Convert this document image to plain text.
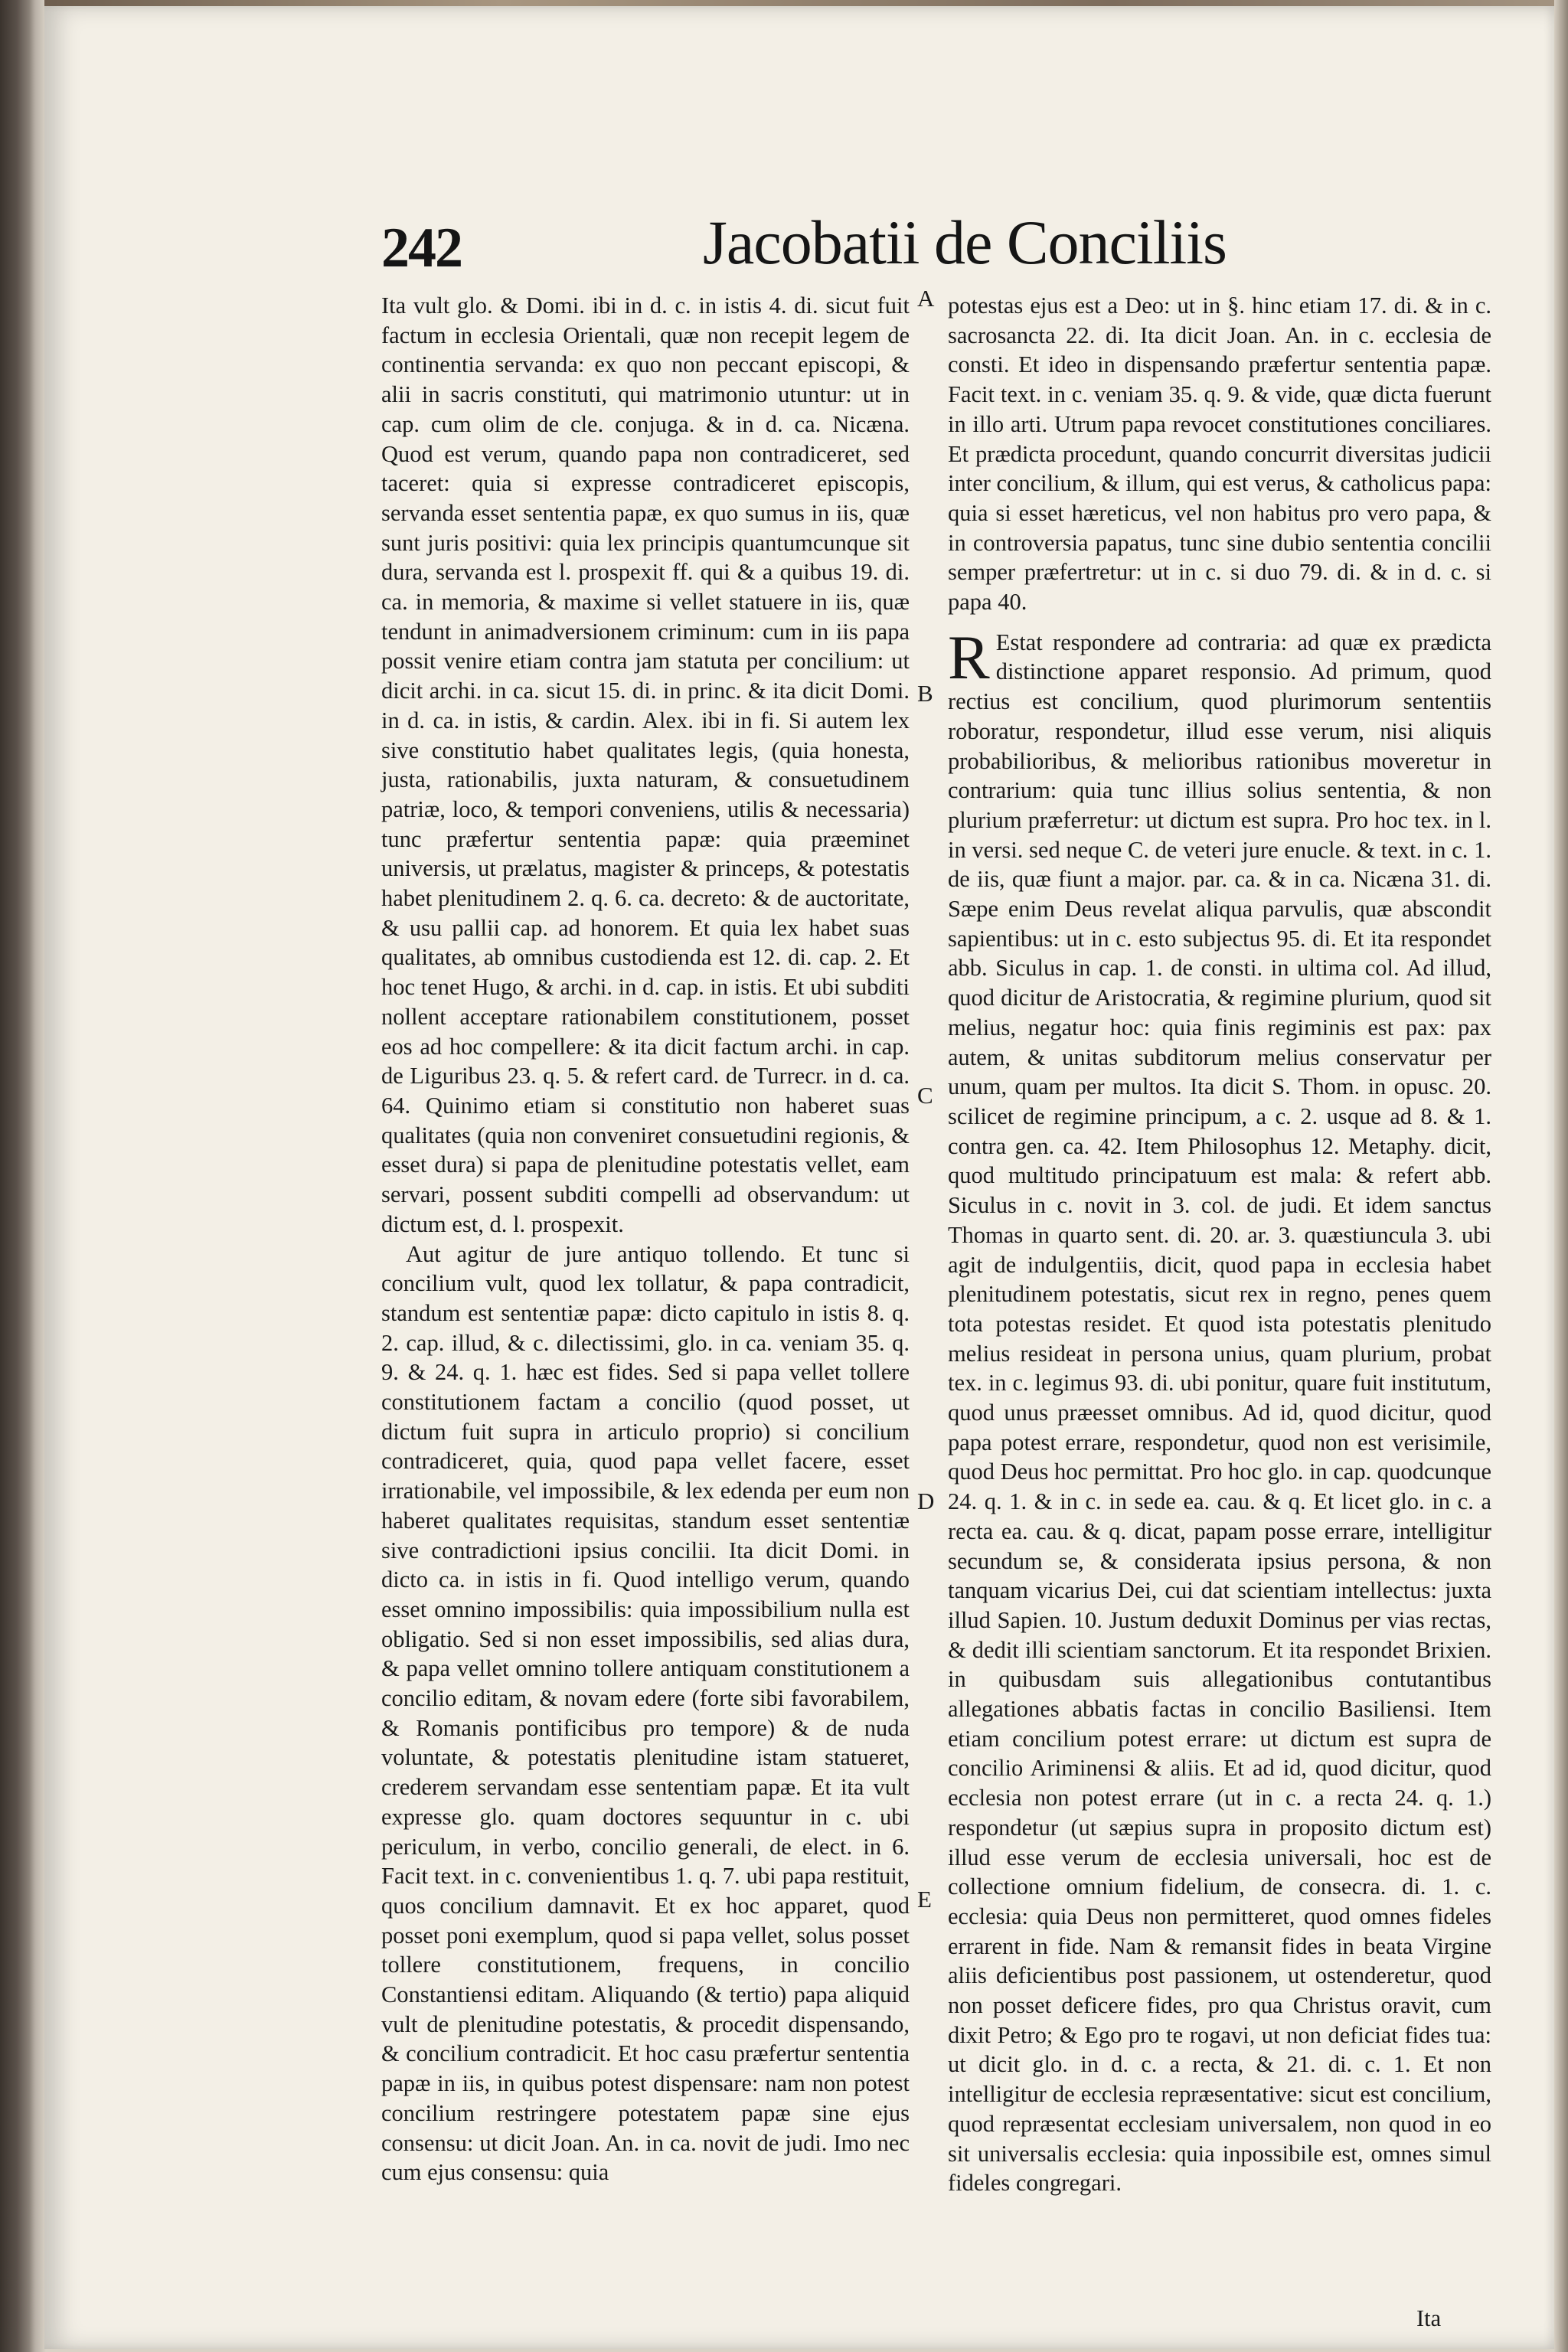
242	Jacobatii de Conciliis

Ita vult glo. & Domi. ibi in d. c. in istis 4. di. sicut fuit factum in ecclesia Orientali, quæ non recepit legem de continentia servanda: ex quo non peccant episcopi, & alii in sacris constituti, qui matrimonio utuntur: ut in cap. cum olim de cle. conjuga. & in d. ca. Nicæna. Quod est verum, quando papa non contradiceret, sed taceret: quia si expresse contradiceret episcopis, servanda esset sententia papæ, ex quo sumus in iis, quæ sunt juris positivi: quia lex principis quantumcunque sit dura, servanda est l. prospexit ff. qui & a quibus 19. di. ca. in memoria, & maxime si vellet statuere in iis, quæ tendunt in animadversionem criminum: cum in iis papa possit venire etiam contra jam statuta per concilium: ut dicit archi. in ca. sicut 15. di. in princ. & ita dicit Domi. in d. ca. in istis, & cardin. Alex. ibi in fi. Si autem lex sive constitutio habet qualitates legis, (quia honesta, justa, rationabilis, juxta naturam, & consuetudinem patriæ, loco, & tempori conveniens, utilis & necessaria) tunc præfertur sententia papæ: quia præeminet universis, ut prælatus, magister & princeps, & potestatis habet plenitudinem 2. q. 6. ca. decreto: & de auctoritate, & usu pallii cap. ad honorem. Et quia lex habet suas qualitates, ab omnibus custodienda est 12. di. cap. 2. Et hoc tenet Hugo, & archi. in d. cap. in istis. Et ubi subditi nollent acceptare rationabilem constitutionem, posset eos ad hoc compellere: & ita dicit factum archi. in cap. de Liguribus 23. q. 5. & refert card. de Turrecr. in d. ca. 64. Quinimo etiam si constitutio non haberet suas qualitates (quia non conveniret consuetudini regionis, & esset dura) si papa de plenitudine potestatis vellet, eam servari, possent subditi compelli ad observandum: ut dictum est, d. l. prospexit.

Aut agitur de jure antiquo tollendo. Et tunc si concilium vult, quod lex tollatur, & papa contradicit, standum est sententiæ papæ: dicto capitulo in istis 8. q. 2. cap. illud, & c. dilectissimi, glo. in ca. veniam 35. q. 9. & 24. q. 1. hæc est fides. Sed si papa vellet tollere constitutionem factam a concilio (quod posset, ut dictum fuit supra in articulo proprio) si concilium contradiceret, quia, quod papa vellet facere, esset irrationabile, vel impossibile, & lex edenda per eum non haberet qualitates requisitas, standum esset sententiæ sive contradictioni ipsius concilii. Ita dicit Domi. in dicto ca. in istis in fi. Quod intelligo verum, quando esset omnino impossibilis: quia impossibilium nulla est obligatio. Sed si non esset impossibilis, sed alias dura, & papa vellet omnino tollere antiquam constitutionem a concilio editam, & novam edere (forte sibi favorabilem, & Romanis pontificibus pro tempore) & de nuda voluntate, & potestatis plenitudine istam statueret, crederem servandam esse sententiam papæ. Et ita vult expresse glo. quam doctores sequuntur in c. ubi periculum, in verbo, concilio generali, de elect. in 6. Facit text. in c. convenientibus 1. q. 7. ubi papa restituit, quos concilium damnavit. Et ex hoc apparet, quod posset poni exemplum, quod si papa vellet, solus posset tollere constitutionem, frequens, in concilio Constantiensi editam. Aliquando (& tertio) papa aliquid vult de plenitudine potestatis, & procedit dispensando, & concilium contradicit. Et hoc casu præfertur sententia papæ in iis, in quibus potest dispensare: nam non potest concilium restringere potestatem papæ sine ejus consensu: ut dicit Joan. An. in ca. novit de judi. Imo nec cum ejus consensu: quia

A
B
C
D
E

potestas ejus est a Deo: ut in §. hinc etiam 17. di. & in c. sacrosancta 22. di. Ita dicit Joan. An. in c. ecclesia de consti. Et ideo in dispensando præfertur sententia papæ. Facit text. in c. veniam 35. q. 9. & vide, quæ dicta fuerunt in illo arti. Utrum papa revocet constitutiones conciliares. Et prædicta procedunt, quando concurrit diversitas judicii inter concilium, & illum, qui est verus, & catholicus papa: quia si esset hæreticus, vel non habitus pro vero papa, & in controversia papatus, tunc sine dubio sententia concilii semper præfertretur: ut in c. si duo 79. di. & in d. c. si papa 40.

R Estat respondere ad contraria: ad quæ ex prædicta distinctione apparet responsio. Ad primum, quod rectius est concilium, quod plurimorum sententiis roboratur, respondetur, illud esse verum, nisi aliquis probabilioribus, & melioribus rationibus moveretur in contrarium: quia tunc illius solius sententia, & non plurium præferretur: ut dictum est supra. Pro hoc tex. in l. in versi. sed neque C. de veteri jure enucle. & text. in c. 1. de iis, quæ fiunt a major. par. ca. & in ca. Nicæna 31. di. Sæpe enim Deus revelat aliqua parvulis, quæ abscondit sapientibus: ut in c. esto subjectus 95. di. Et ita respondet abb. Siculus in cap. 1. de consti. in ultima col. Ad illud, quod dicitur de Aristocratia, & regimine plurium, quod sit melius, negatur hoc: quia finis regiminis est pax: pax autem, & unitas subditorum melius conservatur per unum, quam per multos. Ita dicit S. Thom. in opusc. 20. scilicet de regimine principum, a c. 2. usque ad 8. & 1. contra gen. ca. 42. Item Philosophus 12. Metaphy. dicit, quod multitudo principatuum est mala: & refert abb. Siculus in c. novit in 3. col. de judi. Et idem sanctus Thomas in quarto sent. di. 20. ar. 3. quæstiuncula 3. ubi agit de indulgentiis, dicit, quod papa in ecclesia habet plenitudinem potestatis, sicut rex in regno, penes quem tota potestas residet. Et quod ista potestatis plenitudo melius resideat in persona unius, quam plurium, probat tex. in c. legimus 93. di. ubi ponitur, quare fuit institutum, quod unus præesset omnibus. Ad id, quod dicitur, quod papa potest errare, respondetur, quod non est verisimile, quod Deus hoc permittat. Pro hoc glo. in cap. quodcunque 24. q. 1. & in c. in sede ea. cau. & q. Et licet glo. in c. a recta ea. cau. & q. dicat, papam posse errare, intelligitur secundum se, & considerata ipsius persona, & non tanquam vicarius Dei, cui dat scientiam intellectus: juxta illud Sapien. 10. Justum deduxit Dominus per vias rectas, & dedit illi scientiam sanctorum. Et ita respondet Brixien. in quibusdam suis allegationibus contutantibus allegationes abbatis factas in concilio Basiliensi. Item etiam concilium potest errare: ut dictum est supra de concilio Ariminensi & aliis. Et ad id, quod dicitur, quod ecclesia non potest errare (ut in c. a recta 24. q. 1.) respondetur (ut sæpius supra in proposito dictum est) illud esse verum de ecclesia universali, hoc est de collectione omnium fidelium, de consecra. di. 1. c. ecclesia: quia Deus non permitteret, quod omnes fideles errarent in fide. Nam & remansit fides in beata Virgine aliis deficientibus post passionem, ut ostenderetur, quod non posset deficere fides, pro qua Christus oravit, cum dixit Petro; & Ego pro te rogavi, ut non deficiat fides tua: ut dicit glo. in d. c. a recta, & 21. di. c. 1. Et non intelligitur de ecclesia repræsentative: sicut est concilium, quod repræsentat ecclesiam universalem, non quod in eo sit universalis ecclesia: quia inpossibile est, omnes simul fideles congregari.

Ita
